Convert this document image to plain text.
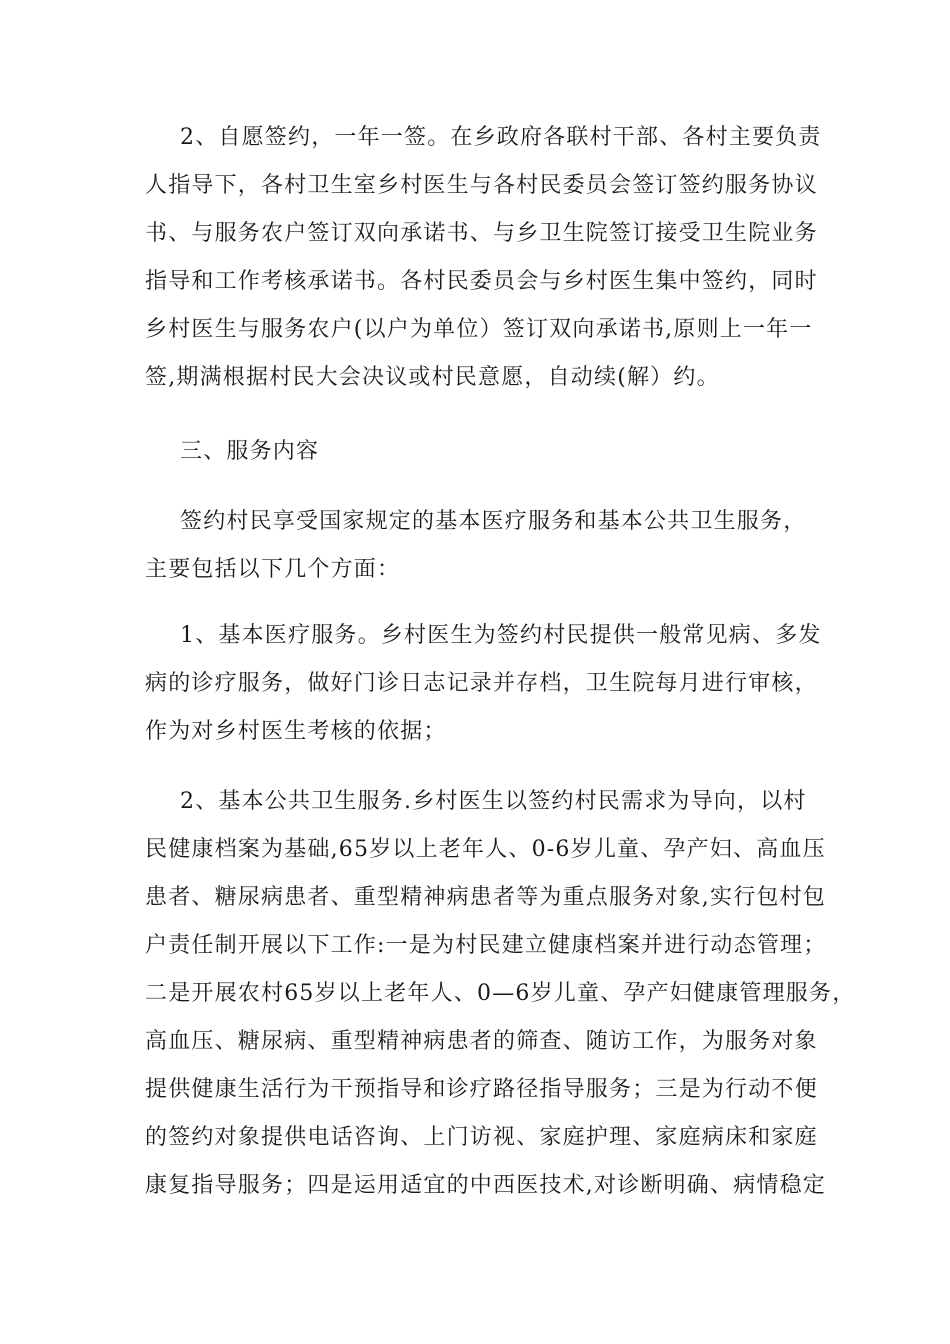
2、自愿签约，一年一签。在乡政府各联村干部、各村主要负责
人指导下，各村卫生室乡村医生与各村民委员会签订签约服务协议
书、与服务农户签订双向承诺书、与乡卫生院签订接受卫生院业务
指导和工作考核承诺书。各村民委员会与乡村医生集中签约，同时
乡村医生与服务农户(以户为单位）签订双向承诺书,原则上一年一
签,期满根据村民大会决议或村民意愿，自动续(解）约。
三、服务内容
签约村民享受国家规定的基本医疗服务和基本公共卫生服务，
主要包括以下几个方面：
1、基本医疗服务。乡村医生为签约村民提供一般常见病、多发
病的诊疗服务，做好门诊日志记录并存档，卫生院每月进行审核，
作为对乡村医生考核的依据；
2、基本公共卫生服务.乡村医生以签约村民需求为导向，以村
民健康档案为基础,65岁以上老年人、0-6岁儿童、孕产妇、高血压
患者、糖尿病患者、重型精神病患者等为重点服务对象,实行包村包
户责任制开展以下工作:一是为村民建立健康档案并进行动态管理；
二是开展农村65岁以上老年人、0—6岁儿童、孕产妇健康管理服务，
高血压、糖尿病、重型精神病患者的筛查、随访工作，为服务对象
提供健康生活行为干预指导和诊疗路径指导服务；三是为行动不便
的签约对象提供电话咨询、上门访视、家庭护理、家庭病床和家庭
康复指导服务；四是运用适宜的中西医技术,对诊断明确、病情稳定
